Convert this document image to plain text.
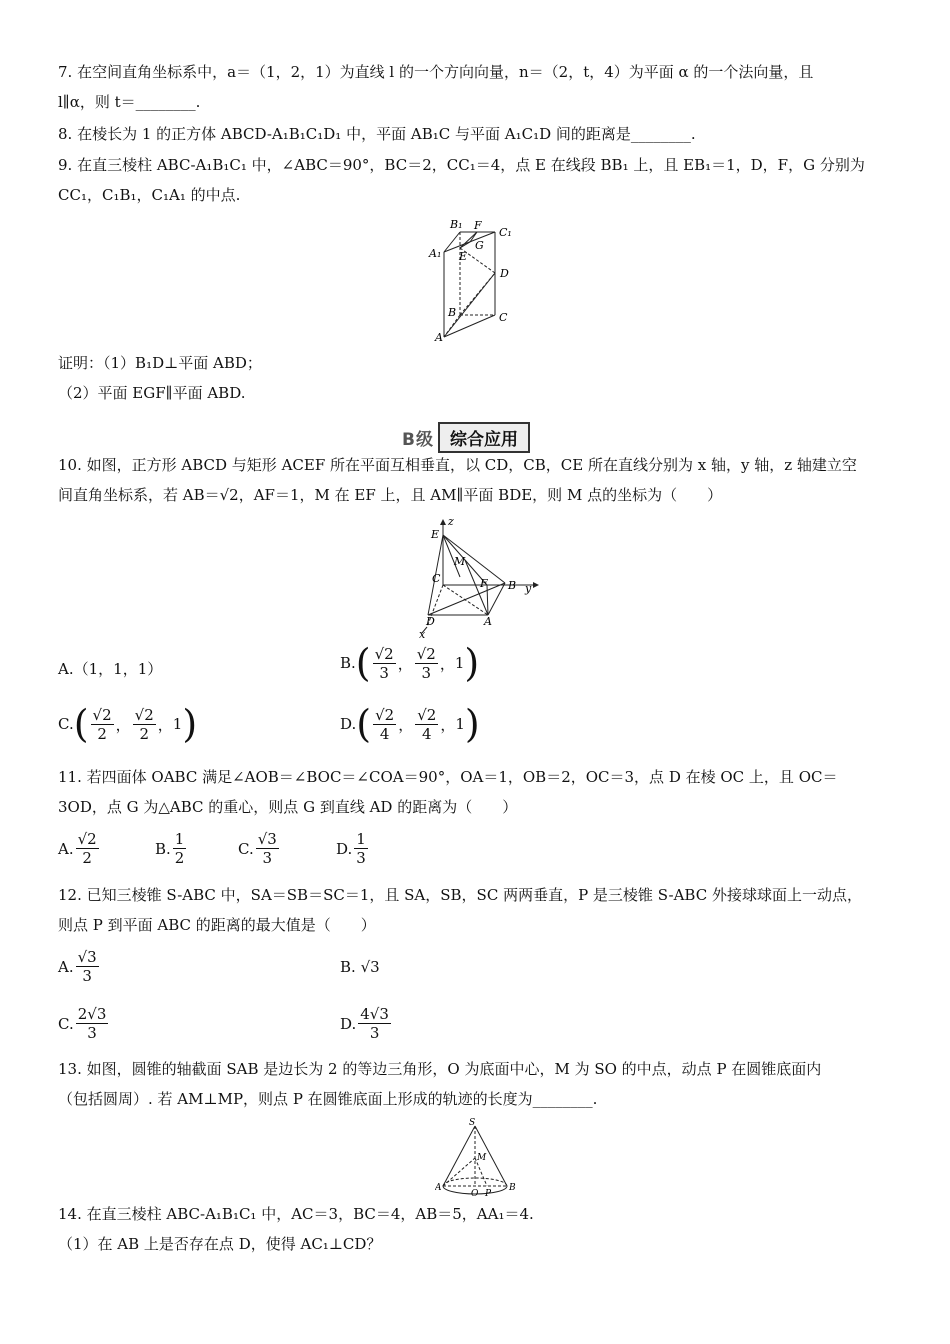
7. 在空间直角坐标系中，a＝（1，2，1）为直线 l 的一个方向向量，n＝（2，t，4）为平面 α 的一个法向量，且
l∥α，则 t＝________.
8. 在棱长为 1 的正方体 ABCD-A₁B₁C₁D₁ 中，平面 AB₁C 与平面 A₁C₁D 间的距离是________.
9. 在直三棱柱 ABC-A₁B₁C₁ 中，∠ABC＝90°，BC＝2，CC₁＝4，点 E 在线段 BB₁ 上，且 EB₁＝1，D，F，G 分别为
CC₁，C₁B₁，C₁A₁ 的中点.
B₁ F
C₁
G
A₁ E
D
B	C
A
证明：（1）B₁D⊥平面 ABD；
（2）平面 EGF∥平面 ABD.
B级 综合应用
10. 如图，正方形 ABCD 与矩形 ACEF 所在平面互相垂直，以 CD，CB，CE 所在直线分别为 x 轴，y 轴，z 轴建立空
间直角坐标系，若 AB＝√2，AF＝1，M 在 EF 上，且 AM∥平面 BDE，则 M 点的坐标为（　　）
z
E
M
C	F B y
D	A
x
A.（1，1，1）	B. ( $\frac{√2}{3}$ ， $\frac{√2}{3}$ ， 1 )
C. ( $\frac{√2}{2}$ ， $\frac{√2}{2}$ ， 1 )	D. ( $\frac{√2}{4}$ ， $\frac{√2}{4}$ ， 1 )
11. 若四面体 OABC 满足∠AOB＝∠BOC＝∠COA＝90°，OA＝1，OB＝2，OC＝3，点 D 在棱 OC 上，且 OC＝
3OD，点 G 为△ABC 的重心，则点 G 到直线 AD 的距离为（　　）
A. $\frac{√2}{2}$	B. $\frac{1}{2}$	C. $\frac{√3}{3}$	D. $\frac{1}{3}$
12. 已知三棱锥 S-ABC 中，SA＝SB＝SC＝1，且 SA，SB，SC 两两垂直，P 是三棱锥 S-ABC 外接球球面上一动点，
则点 P 到平面 ABC 的距离的最大值是（　　）
A. $\frac{√3}{3}$	B.
√3
C. $\frac{2√3}{3}$	D. $\frac{4√3}{3}$
13. 如图，圆锥的轴截面 SAB 是边长为 2 的等边三角形，O 为底面中心，M 为 SO 的中点，动点 P 在圆锥底面内
（包括圆周）. 若 AM⊥MP，则点 P 在圆锥底面上形成的轨迹的长度为________.
S
M
A
O P
B
14. 在直三棱柱 ABC-A₁B₁C₁ 中，AC＝3，BC＝4，AB＝5，AA₁＝4.
（1）在 AB 上是否存在点 D，使得 AC₁⊥CD？
